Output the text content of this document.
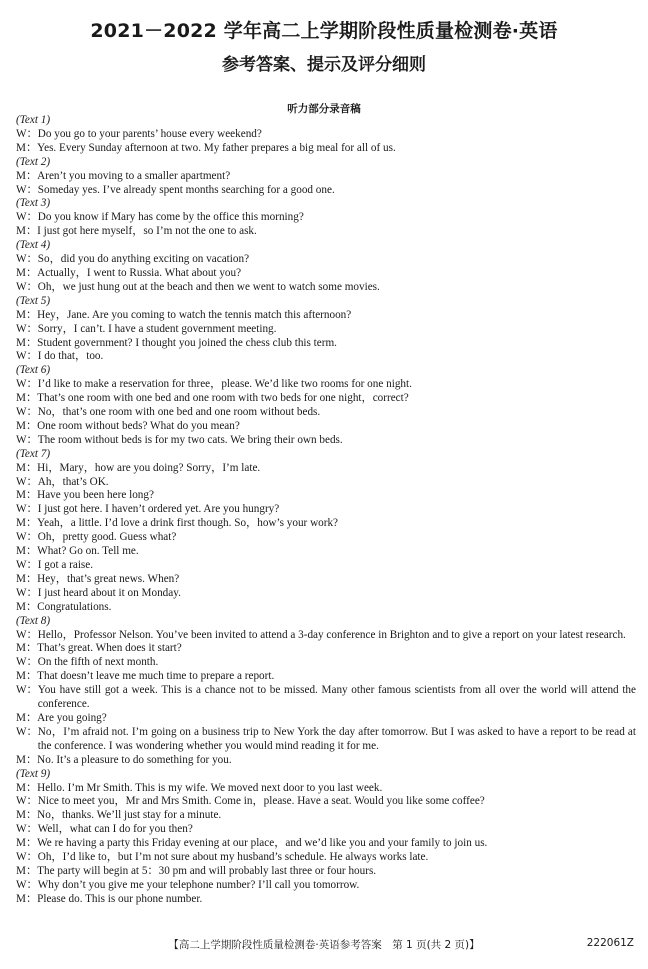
2021－2022 学年高二上学期阶段性质量检测卷·英语
参考答案、提示及评分细则
听力部分录音稿
(Text 1)
W： Do you go to your parents’ house every weekend?
M： Yes. Every Sunday afternoon at two. My father prepares a big meal for all of us.
(Text 2)
M： Aren’t you moving to a smaller apartment?
W： Someday yes. I’ve already spent months searching for a good one.
(Text 3)
W： Do you know if Mary has come by the office this morning?
M： I just got here myself，so I’m not the one to ask.
(Text 4)
W： So，did you do anything exciting on vacation?
M： Actually，I went to Russia. What about you?
W： Oh，we just hung out at the beach and then we went to watch some movies.
(Text 5)
M： Hey，Jane. Are you coming to watch the tennis match this afternoon?
W： Sorry，I can’t. I have a student government meeting.
M： Student government? I thought you joined the chess club this term.
W： I do that，too.
(Text 6)
W： I’d like to make a reservation for three，please. We’d like two rooms for one night.
M： That’s one room with one bed and one room with two beds for one night，correct?
W： No，that’s one room with one bed and one room without beds.
M： One room without beds? What do you mean?
W： The room without beds is for my two cats. We bring their own beds.
(Text 7)
M： Hi，Mary，how are you doing? Sorry，I’m late.
W： Ah，that’s OK.
M： Have you been here long?
W： I just got here. I haven’t ordered yet. Are you hungry?
M： Yeah，a little. I’d love a drink first though. So，how’s your work?
W： Oh，pretty good. Guess what?
M： What? Go on. Tell me.
W： I got a raise.
M： Hey，that’s great news. When?
W： I just heard about it on Monday.
M： Congratulations.
(Text 8)
W： Hello，Professor Nelson. You’ve been invited to attend a 3-day conference in Brighton and to give a report on your latest research.
M： That’s great. When does it start?
W： On the fifth of next month.
M： That doesn’t leave me much time to prepare a report.
W： You have still got a week. This is a chance not to be missed. Many other famous scientists from all over the world will attend the conference.
M： Are you going?
W： No，I’m afraid not. I’m going on a business trip to New York the day after tomorrow. But I was asked to have a report to be read at the conference. I was wondering whether you would mind reading it for me.
M： No. It’s a pleasure to do something for you.
(Text 9)
M： Hello. I’m Mr Smith. This is my wife. We moved next door to you last week.
W： Nice to meet you，Mr and Mrs Smith. Come in，please. Have a seat. Would you like some coffee?
M： No，thanks. We’ll just stay for a minute.
W： Well，what can I do for you then?
M： We re having a party this Friday evening at our place，and we’d like you and your family to join us.
W： Oh，I’d like to，but I’m not sure about my husband’s schedule. He always works late.
M： The party will begin at 5：30 pm and will probably last three or four hours.
W： Why don’t you give me your telephone number? I’ll call you tomorrow.
M： Please do. This is our phone number.
【高二上学期阶段性质量检测卷·英语参考答案　第 1 页(共 2 页)】	222061Z
